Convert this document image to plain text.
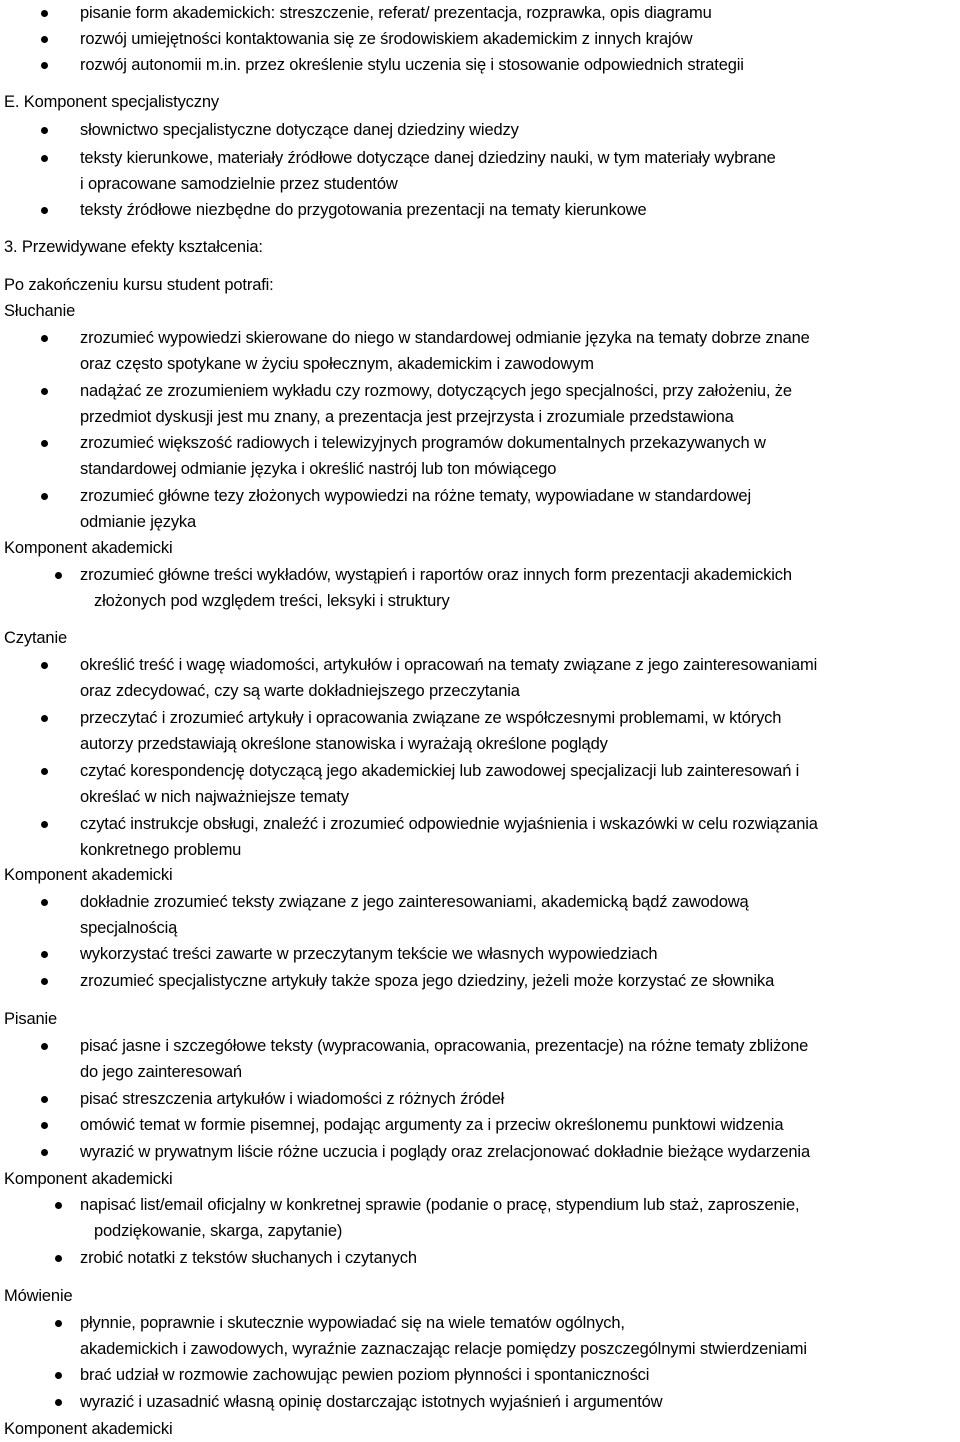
pisanie form akademickich: streszczenie, referat/ prezentacja, rozprawka, opis diagramu
rozwój umiejętności kontaktowania się ze środowiskiem akademickim z innych krajów
rozwój autonomii m.in. przez określenie stylu uczenia się i stosowanie odpowiednich strategii
E. Komponent specjalistyczny
słownictwo specjalistyczne dotyczące danej dziedziny wiedzy
teksty kierunkowe, materiały źródłowe dotyczące danej dziedziny nauki, w tym materiały wybrane
i opracowane samodzielnie przez studentów
teksty źródłowe niezbędne do przygotowania prezentacji na tematy kierunkowe
3. Przewidywane efekty kształcenia:
Po zakończeniu kursu student potrafi:
Słuchanie
zrozumieć wypowiedzi skierowane do niego w standardowej odmianie języka na tematy dobrze znane
oraz często spotykane w życiu społecznym, akademickim i zawodowym
nadążać ze zrozumieniem wykładu czy rozmowy, dotyczących jego specjalności, przy założeniu, że
przedmiot dyskusji jest mu znany, a prezentacja jest przejrzysta i zrozumiale przedstawiona
zrozumieć większość radiowych i telewizyjnych programów dokumentalnych przekazywanych w
standardowej odmianie języka i określić nastrój lub ton mówiącego
zrozumieć główne tezy złożonych wypowiedzi na różne tematy, wypowiadane w standardowej
odmianie języka
Komponent akademicki
zrozumieć główne treści wykładów, wystąpień i raportów oraz innych form prezentacji akademickich
złożonych pod względem treści, leksyki i struktury
Czytanie
określić treść i wagę wiadomości, artykułów i opracowań na tematy związane z jego zainteresowaniami
oraz zdecydować, czy są warte dokładniejszego przeczytania
przeczytać i zrozumieć artykuły i opracowania związane ze współczesnymi problemami, w których
autorzy przedstawiają określone stanowiska i wyrażają określone poglądy
czytać korespondencję dotyczącą jego akademickiej lub zawodowej specjalizacji lub zainteresowań i
określać w nich najważniejsze tematy
czytać instrukcje obsługi, znaleźć i zrozumieć odpowiednie wyjaśnienia i wskazówki w celu rozwiązania
konkretnego problemu
Komponent akademicki
dokładnie zrozumieć teksty związane z jego zainteresowaniami, akademicką bądź zawodową
specjalnością
wykorzystać treści zawarte w przeczytanym tekście we własnych wypowiedziach
zrozumieć specjalistyczne artykuły także spoza jego dziedziny, jeżeli może korzystać ze słownika
Pisanie
pisać jasne i szczegółowe teksty (wypracowania, opracowania, prezentacje) na różne tematy zbliżone
do jego zainteresowań
pisać streszczenia artykułów i wiadomości z różnych źródeł
omówić temat w formie pisemnej, podając argumenty za i przeciw określonemu punktowi widzenia
wyrazić w prywatnym liście różne uczucia i poglądy oraz zrelacjonować dokładnie bieżące wydarzenia
Komponent akademicki
napisać list/email oficjalny w konkretnej sprawie (podanie o pracę, stypendium lub staż, zaproszenie,
podziękowanie, skarga, zapytanie)
zrobić notatki z tekstów słuchanych i czytanych
Mówienie
płynnie, poprawnie i skutecznie wypowiadać się na wiele tematów ogólnych,
akademickich i zawodowych, wyraźnie zaznaczając relacje pomiędzy poszczególnymi stwierdzeniami
brać udział w rozmowie zachowując pewien poziom płynności i spontaniczności
wyrazić i uzasadnić własną opinię dostarczając istotnych wyjaśnień i argumentów
Komponent akademicki
